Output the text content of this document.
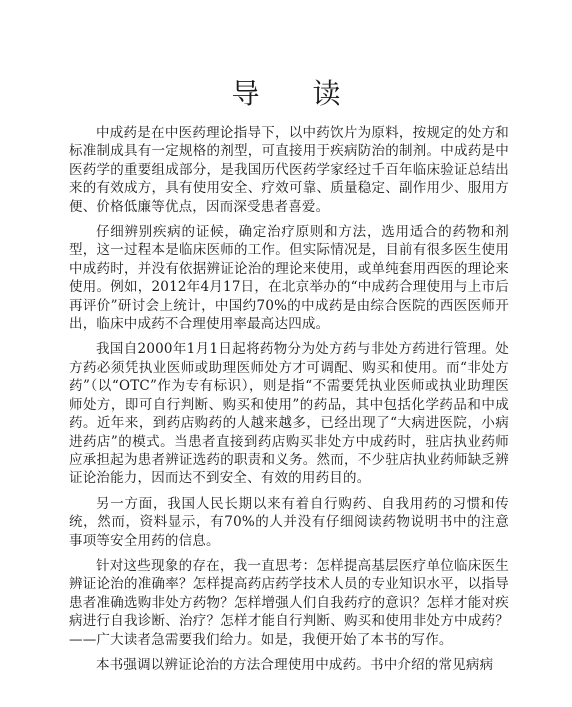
导 读

中成药是在中医药理论指导下，以中药饮片为原料，按规定的处方和标准制成具有一定规格的剂型，可直接用于疾病防治的制剂。中成药是中医药学的重要组成部分，是我国历代医药学家经过千百年临床验证总结出来的有效成方，具有使用安全、疗效可靠、质量稳定、副作用少、服用方便、价格低廉等优点，因而深受患者喜爱。

仔细辨别疾病的证候，确定治疗原则和方法，选用适合的药物和剂型，这一过程本是临床医师的工作。但实际情况是，目前有很多医生使用中成药时，并没有依据辨证论治的理论来使用，或单纯套用西医的理论来使用。例如，2012年4月17日，在北京举办的“中成药合理使用与上市后再评价”研讨会上统计，中国约70%的中成药是由综合医院的西医医师开出，临床中成药不合理使用率最高达四成。

我国自2000年1月1日起将药物分为处方药与非处方药进行管理。处方药必须凭执业医师或助理医师处方才可调配、购买和使用。而“非处方药”（以“OTC”作为专有标识），则是指“不需要凭执业医师或执业助理医师处方，即可自行判断、购买和使用”的药品，其中包括化学药品和中成药。近年来，到药店购药的人越来越多，已经出现了“大病进医院，小病进药店”的模式。当患者直接到药店购买非处方中成药时，驻店执业药师应承担起为患者辨证选药的职责和义务。然而，不少驻店执业药师缺乏辨证论治能力，因而达不到安全、有效的用药目的。

另一方面，我国人民长期以来有着自行购药、自我用药的习惯和传统，然而，资料显示，有70%的人并没有仔细阅读药物说明书中的注意事项等安全用药的信息。

针对这些现象的存在，我一直思考：怎样提高基层医疗单位临床医生辨证论治的准确率？怎样提高药店药学技术人员的专业知识水平，以指导患者准确选购非处方药物？怎样增强人们自我药疗的意识？怎样才能对疾病进行自我诊断、治疗？怎样才能自行判断、购买和使用非处方中成药？——广大读者急需要我们给力。如是，我便开始了本书的写作。

本书强调以辨证论治的方法合理使用中成药。书中介绍的常见病病
